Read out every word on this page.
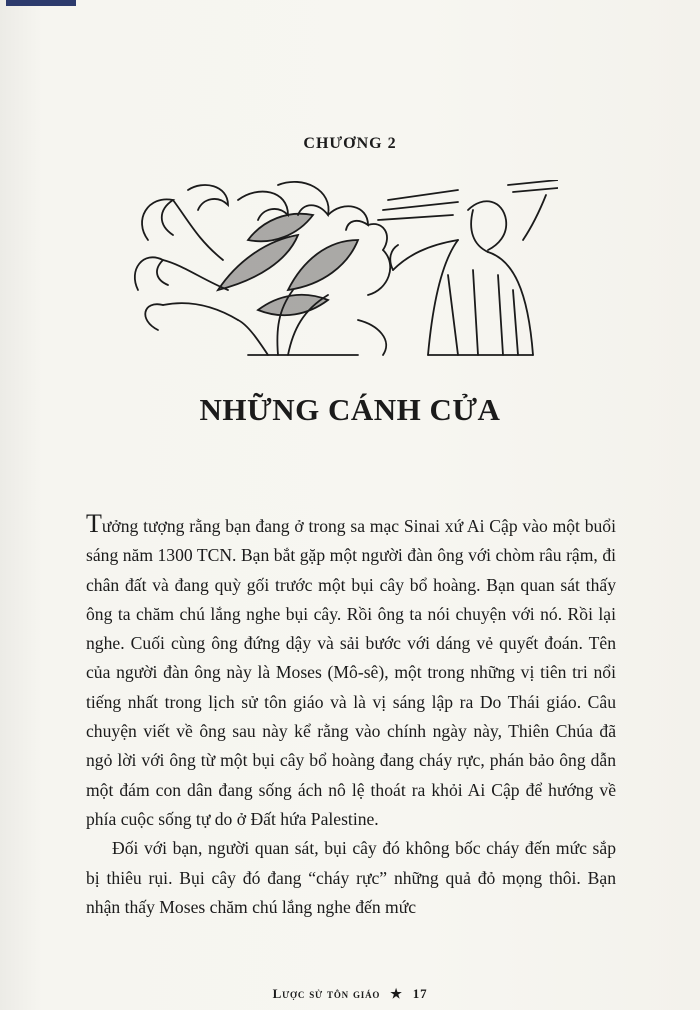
CHƯƠNG 2
NHỮNG CÁNH CỬA

Tưởng tượng rằng bạn đang ở trong sa mạc Sinai xứ Ai Cập vào một buổi sáng năm 1300 TCN. Bạn bắt gặp một người đàn ông với chòm râu rậm, đi chân đất và đang quỳ gối trước một bụi cây bổ hoàng. Bạn quan sát thấy ông ta chăm chú lắng nghe bụi cây. Rồi ông ta nói chuyện với nó. Rồi lại nghe. Cuối cùng ông đứng dậy và sải bước với dáng vẻ quyết đoán. Tên của người đàn ông này là Moses (Mô-sê), một trong những vị tiên tri nổi tiếng nhất trong lịch sử tôn giáo và là vị sáng lập ra Do Thái giáo. Câu chuyện viết về ông sau này kể rằng vào chính ngày này, Thiên Chúa đã ngỏ lời với ông từ một bụi cây bổ hoàng đang cháy rực, phán bảo ông dẫn một đám con dân đang sống ách nô lệ thoát ra khỏi Ai Cập để hướng về phía cuộc sống tự do ở Đất hứa Palestine.

Đối với bạn, người quan sát, bụi cây đó không bốc cháy đến mức sắp bị thiêu rụi. Bụi cây đó đang “cháy rực” những quả đỏ mọng thôi. Bạn nhận thấy Moses chăm chú lắng nghe đến mức

Lược sử tôn giáo ★ 17
